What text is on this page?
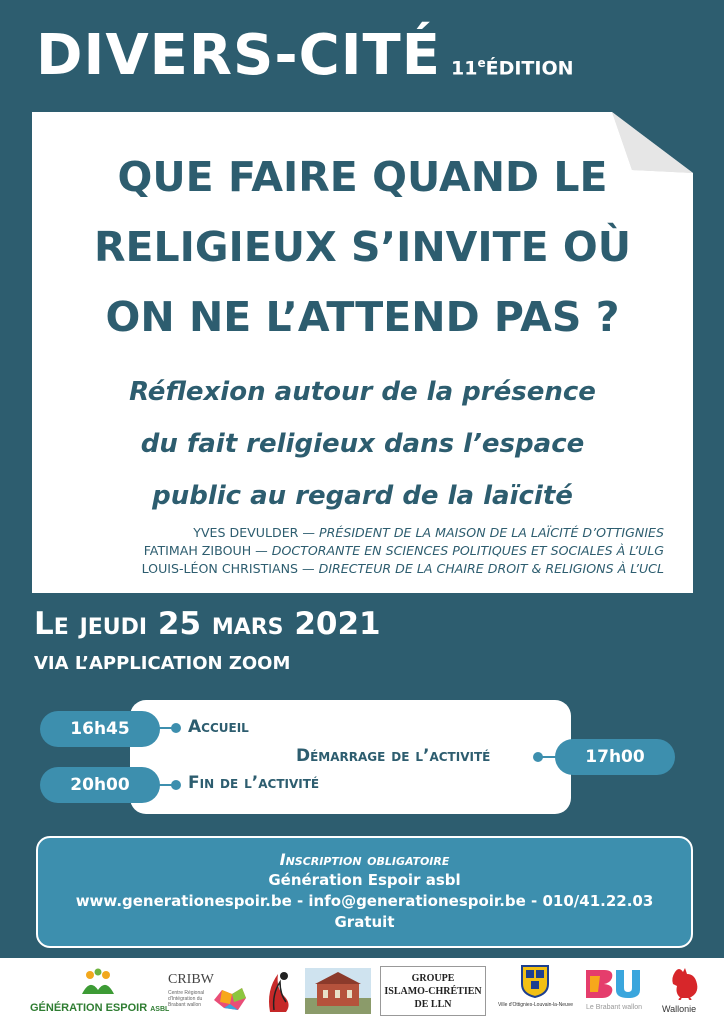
DIVERS-CITÉ 11eÉDITION
QUE FAIRE QUAND LE
RELIGIEUX S’INVITE OÙ
ON NE L’ATTEND PAS ?
Réflexion autour de la présence
du fait religieux dans l’espace
public au regard de la laïcité
YVES DEVULDER — PRÉSIDENT DE LA MAISON DE LA LAÏCITÉ D’OTTIGNIES
FATIMAH ZIBOUH — DOCTORANTE EN SCIENCES POLITIQUES ET SOCIALES À L’ULG
LOUIS-LÉON CHRISTIANS — DIRECTEUR DE LA CHAIRE DROIT & RELIGIONS À L’UCL
Le jeudi 25 mars 2021
VIA L’APPLICATION ZOOM
16h45	Accueil
Démarrage de l’activité	17h00
20h00	Fin de l’activité
Inscription obligatoire
Génération Espoir asbl
www.generationespoir.be - info@generationespoir.be - 010/41.22.03
Gratuit
GÉNÉRATION ESPOIR ASBL
CRIBW
Centre Régional d'Intégration du Brabant wallon
GROUPE
ISLAMO-CHRÉTIEN
DE LLN	Ville d'Ottignies-Louvain-la-Neuve Le Brabant wallon Wallonie
